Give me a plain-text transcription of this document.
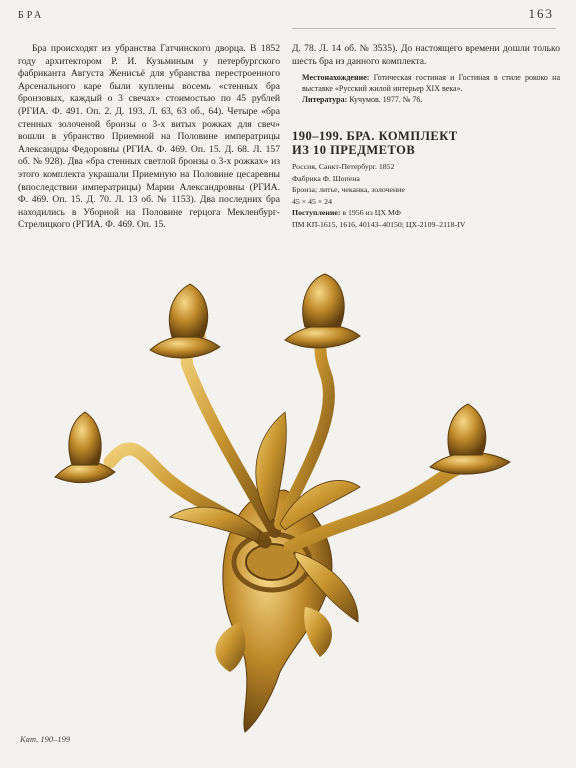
БРА	163

Бра происходят из убранства Гатчинского дворца. В 1852 году архитектором Р. И. Кузьминым у петербургского фабриканта Августа Женисъё для убранства перестроенного Арсенального каре были куплены восемь «стенных бра бронзовых, каждый о 3 свечах» стоимостью по 45 рублей (РГИА. Ф. 491. Оп. 2. Д. 193. Л. 63, 63 об., 64). Четыре «бра стенных золоченой бронзы о 3-х витых рожках для свеч» вошли в убранство Приемной на Половине императрицы Александры Федоровны (РГИА. Ф. 469. Оп. 15. Д. 68. Л. 157 об. № 928). Два «бра стенных светлой бронзы о 3-х рожках» из этого комплекта украшали Приемную на Половине цесаревны (впоследствии императрицы) Марии Александровны (РГИА. Ф. 469. Оп. 15. Д. 70. Л. 13 об. № 1153). Два последних бра находились в Уборной на Половине герцога Мекленбург-Стрелицкого (РГИА. Ф. 469. Оп. 15.

Д. 78. Л. 14 об. № 3535). До настоящего времени дошли только шесть бра из данного комплекта.

Местонахождение: Готическая гостиная и Гостиная в стиле рококо на выставке «Русский жилой интерьер XIX века».

Литература: Кучумов. 1977. № 76.

190–199. БРА. КОМПЛЕКТ
ИЗ 10 ПРЕДМЕТОВ
Россия, Санкт-Петербург. 1852
Фабрика Ф. Шопена
Бронза; литье, чеканка, золочение
45 × 45 × 24
Поступление: в 1956 из ЦХ МФ
ПМ КП-1615, 1616, 40143–40150; ЦХ-2109–2118-IV
Кат. 190–199
